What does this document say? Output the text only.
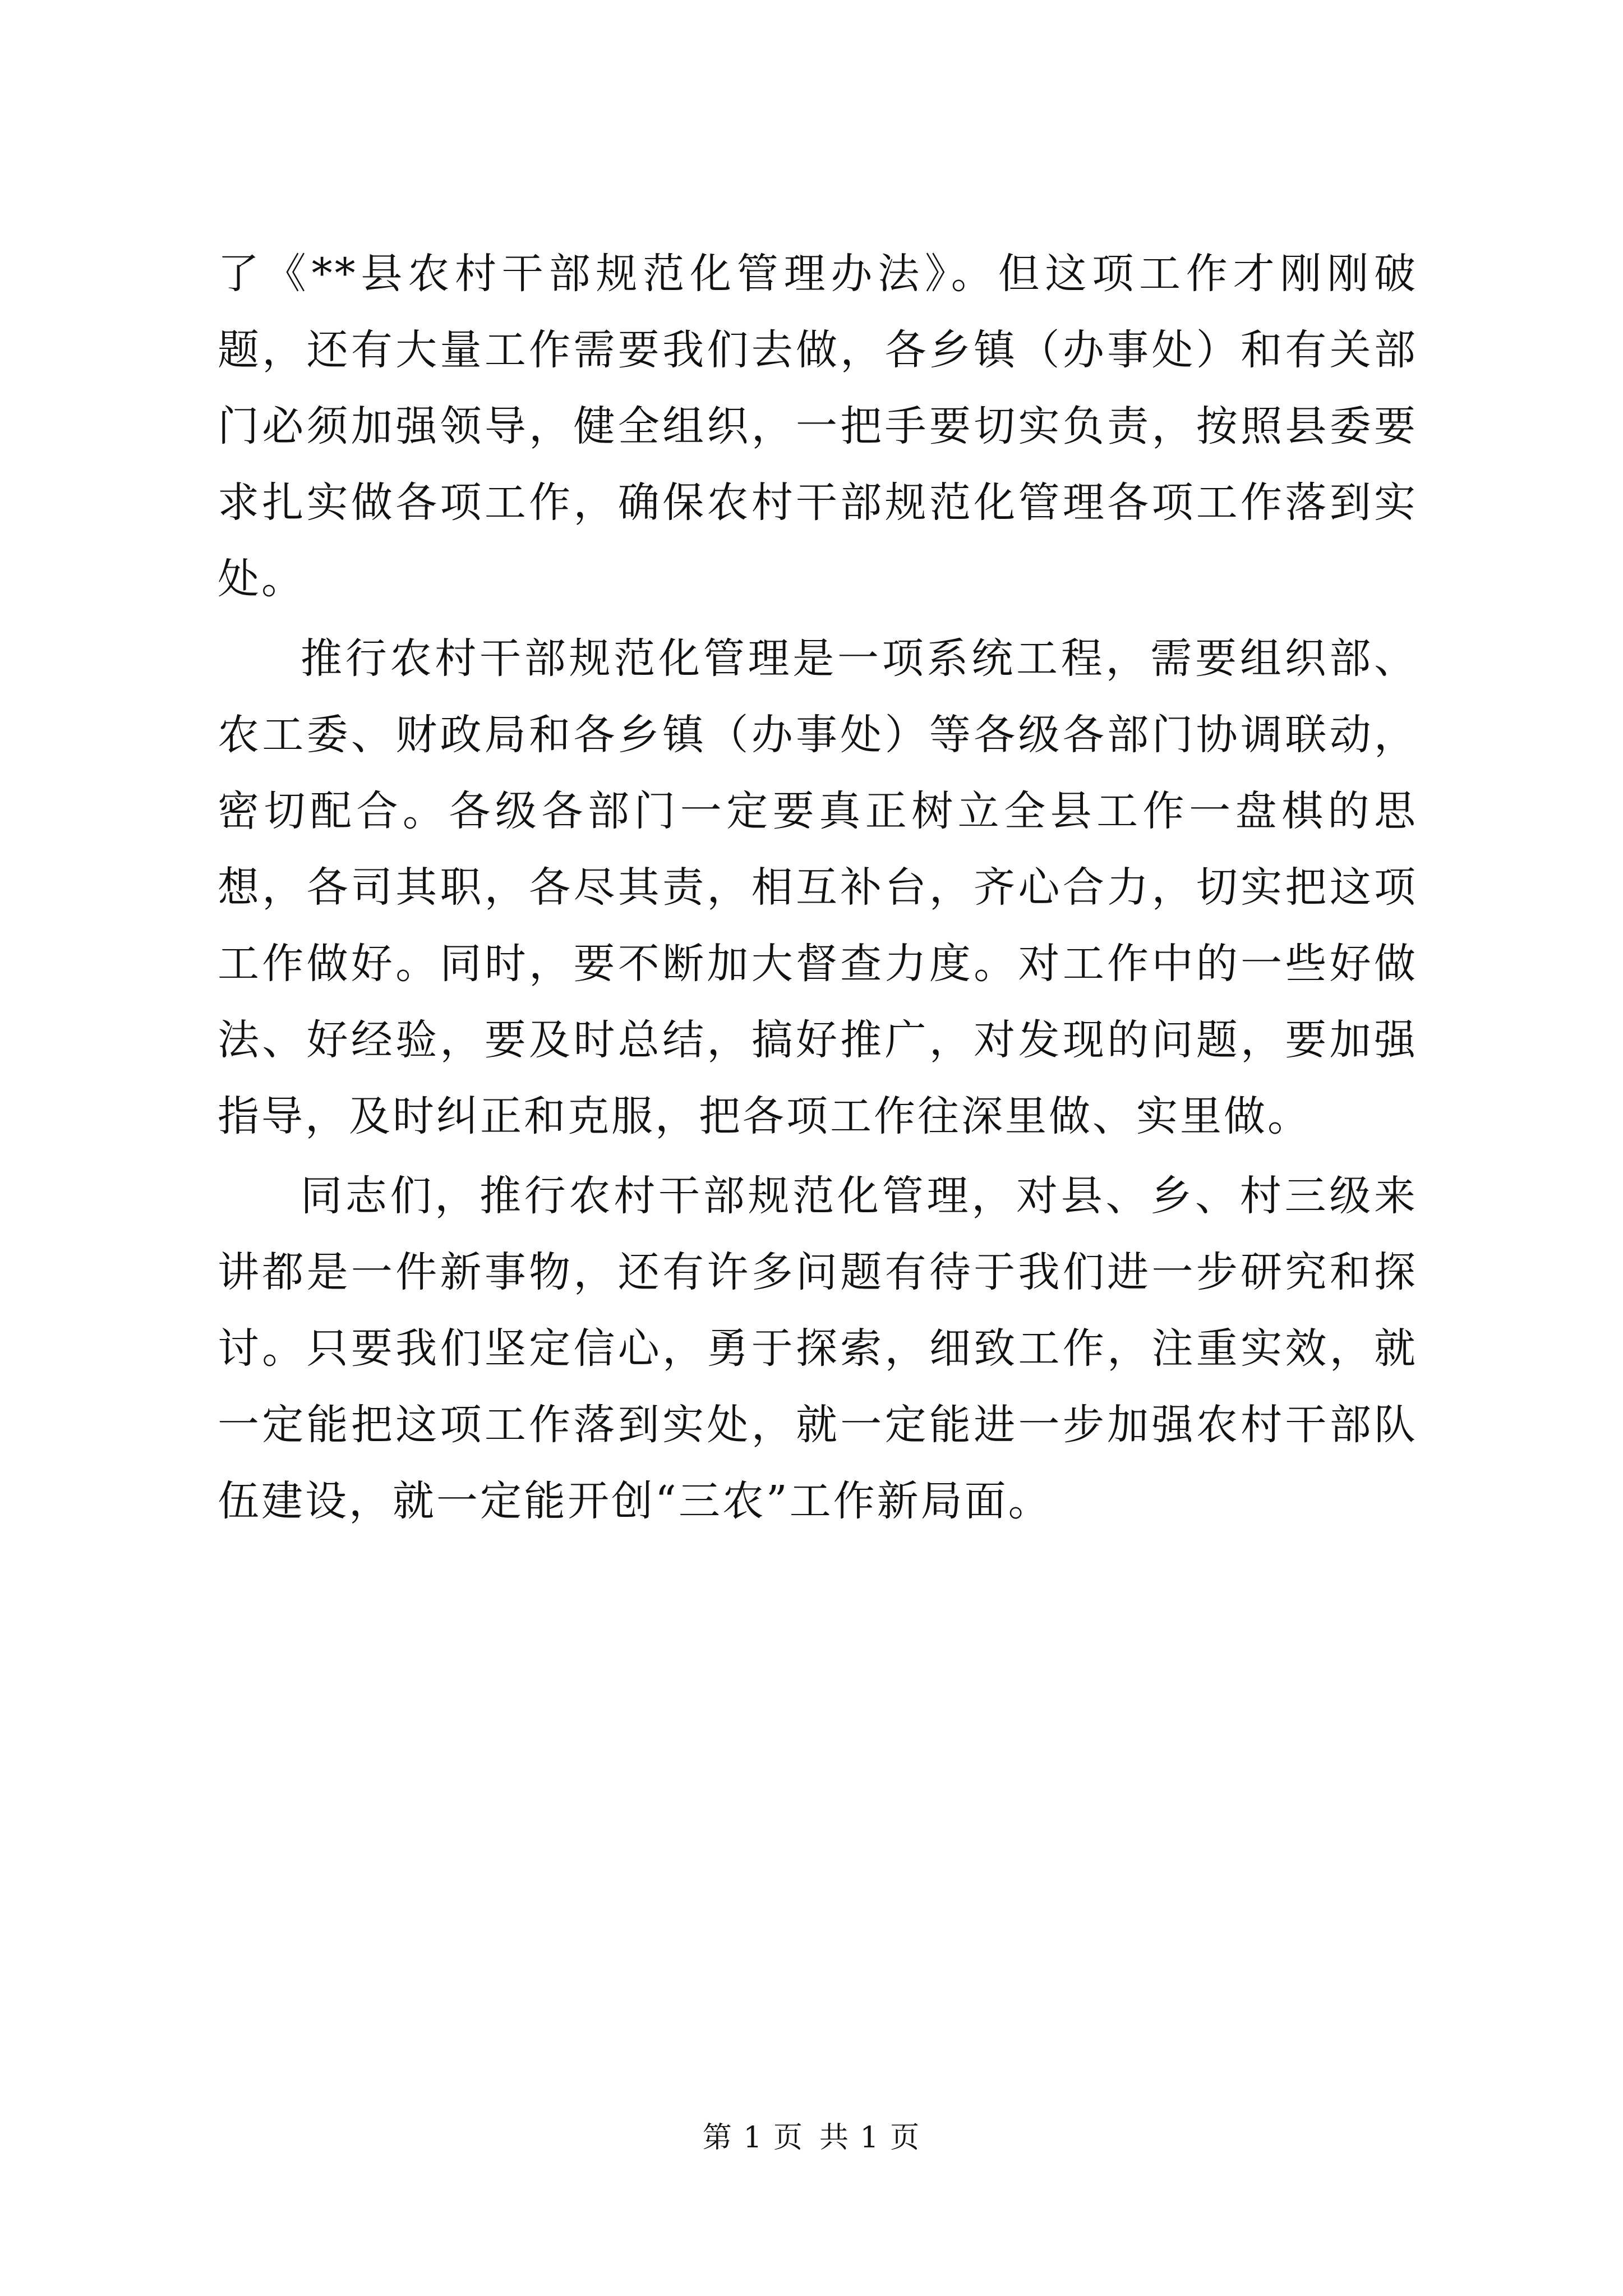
了《**县农村干部规范化管理办法》。但这项工作才刚刚破题，还有大量工作需要我们去做，各乡镇（办事处）和有关部门必须加强领导，健全组织，一把手要切实负责，按照县委要求扎实做各项工作，确保农村干部规范化管理各项工作落到实处。

推行农村干部规范化管理是一项系统工程，需要组织部、农工委、财政局和各乡镇（办事处）等各级各部门协调联动，密切配合。各级各部门一定要真正树立全县工作一盘棋的思想，各司其职，各尽其责，相互补台，齐心合力，切实把这项工作做好。同时，要不断加大督查力度。对工作中的一些好做法、好经验，要及时总结，搞好推广，对发现的问题，要加强指导，及时纠正和克服，把各项工作往深里做、实里做。

同志们，推行农村干部规范化管理，对县、乡、村三级来讲都是一件新事物，还有许多问题有待于我们进一步研究和探讨。只要我们坚定信心，勇于探索，细致工作，注重实效，就一定能把这项工作落到实处，就一定能进一步加强农村干部队伍建设，就一定能开创“三农”工作新局面。

第 1 页 共 1 页
